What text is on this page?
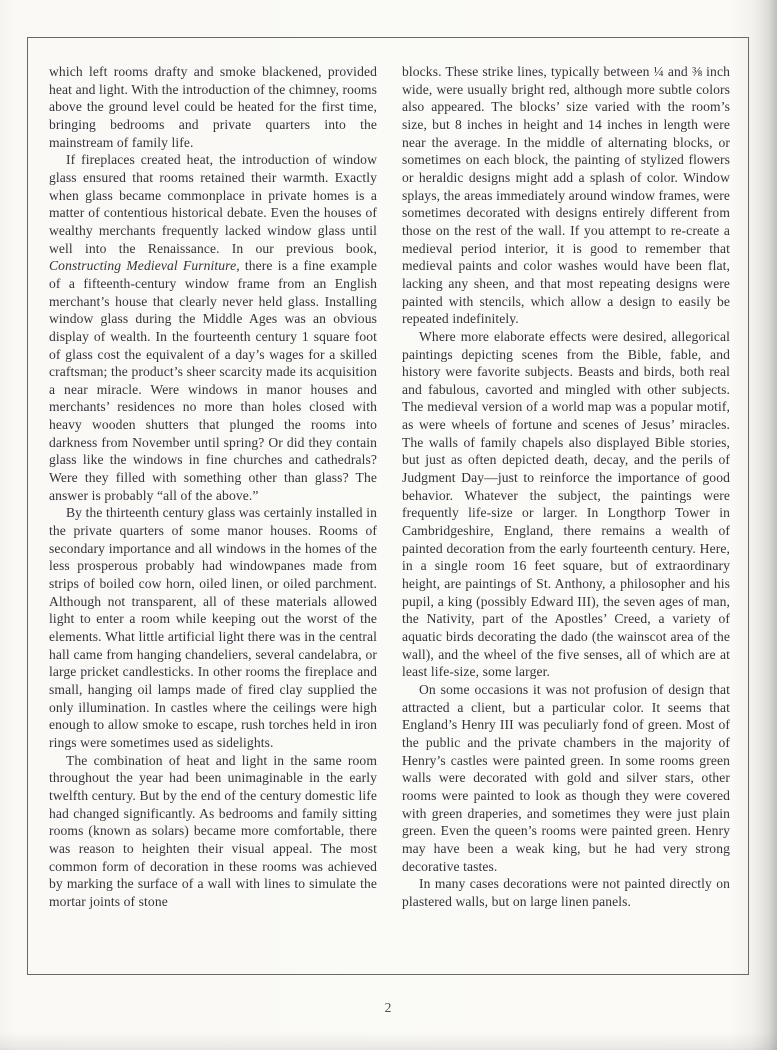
which left rooms drafty and smoke blackened, provided heat and light. With the introduction of the chimney, rooms above the ground level could be heated for the first time, bringing bedrooms and private quarters into the mainstream of family life.

If fireplaces created heat, the introduction of window glass ensured that rooms retained their warmth. Exactly when glass became commonplace in private homes is a matter of contentious historical debate. Even the houses of wealthy merchants frequently lacked window glass until well into the Renaissance. In our previous book, Constructing Medieval Furniture, there is a fine example of a fifteenth-century window frame from an English merchant’s house that clearly never held glass. Installing window glass during the Middle Ages was an obvious display of wealth. In the fourteenth century 1 square foot of glass cost the equivalent of a day’s wages for a skilled craftsman; the product’s sheer scarcity made its acquisition a near miracle. Were windows in manor houses and merchants’ residences no more than holes closed with heavy wooden shutters that plunged the rooms into darkness from November until spring? Or did they contain glass like the windows in fine churches and cathedrals? Were they filled with something other than glass? The answer is probably “all of the above.”

By the thirteenth century glass was certainly installed in the private quarters of some manor houses. Rooms of secondary importance and all windows in the homes of the less prosperous probably had windowpanes made from strips of boiled cow horn, oiled linen, or oiled parchment. Although not transparent, all of these materials allowed light to enter a room while keeping out the worst of the elements. What little artificial light there was in the central hall came from hanging chandeliers, several candelabra, or large pricket candlesticks. In other rooms the fireplace and small, hanging oil lamps made of fired clay supplied the only illumination. In castles where the ceilings were high enough to allow smoke to escape, rush torches held in iron rings were sometimes used as sidelights.

The combination of heat and light in the same room throughout the year had been unimaginable in the early twelfth century. But by the end of the century domestic life had changed significantly. As bedrooms and family sitting rooms (known as solars) became more comfortable, there was reason to heighten their visual appeal. The most common form of decoration in these rooms was achieved by marking the surface of a wall with lines to simulate the mortar joints of stone

blocks. These strike lines, typically between ¼ and ⅜ inch wide, were usually bright red, although more subtle colors also appeared. The blocks’ size varied with the room’s size, but 8 inches in height and 14 inches in length were near the average. In the middle of alternating blocks, or sometimes on each block, the painting of stylized flowers or heraldic designs might add a splash of color. Window splays, the areas immediately around window frames, were sometimes decorated with designs entirely different from those on the rest of the wall. If you attempt to re-create a medieval period interior, it is good to remember that medieval paints and color washes would have been flat, lacking any sheen, and that most repeating designs were painted with stencils, which allow a design to easily be repeated indefinitely.

Where more elaborate effects were desired, allegorical paintings depicting scenes from the Bible, fable, and history were favorite subjects. Beasts and birds, both real and fabulous, cavorted and mingled with other subjects. The medieval version of a world map was a popular motif, as were wheels of fortune and scenes of Jesus’ miracles. The walls of family chapels also displayed Bible stories, but just as often depicted death, decay, and the perils of Judgment Day—just to reinforce the importance of good behavior. Whatever the subject, the paintings were frequently life-size or larger. In Longthorp Tower in Cambridgeshire, England, there remains a wealth of painted decoration from the early fourteenth century. Here, in a single room 16 feet square, but of extraordinary height, are paintings of St. Anthony, a philosopher and his pupil, a king (possibly Edward III), the seven ages of man, the Nativity, part of the Apostles’ Creed, a variety of aquatic birds decorating the dado (the wainscot area of the wall), and the wheel of the five senses, all of which are at least life-size, some larger.

On some occasions it was not profusion of design that attracted a client, but a particular color. It seems that England’s Henry III was peculiarly fond of green. Most of the public and the private chambers in the majority of Henry’s castles were painted green. In some rooms green walls were decorated with gold and silver stars, other rooms were painted to look as though they were covered with green draperies, and sometimes they were just plain green. Even the queen’s rooms were painted green. Henry may have been a weak king, but he had very strong decorative tastes.

In many cases decorations were not painted directly on plastered walls, but on large linen panels.

2
